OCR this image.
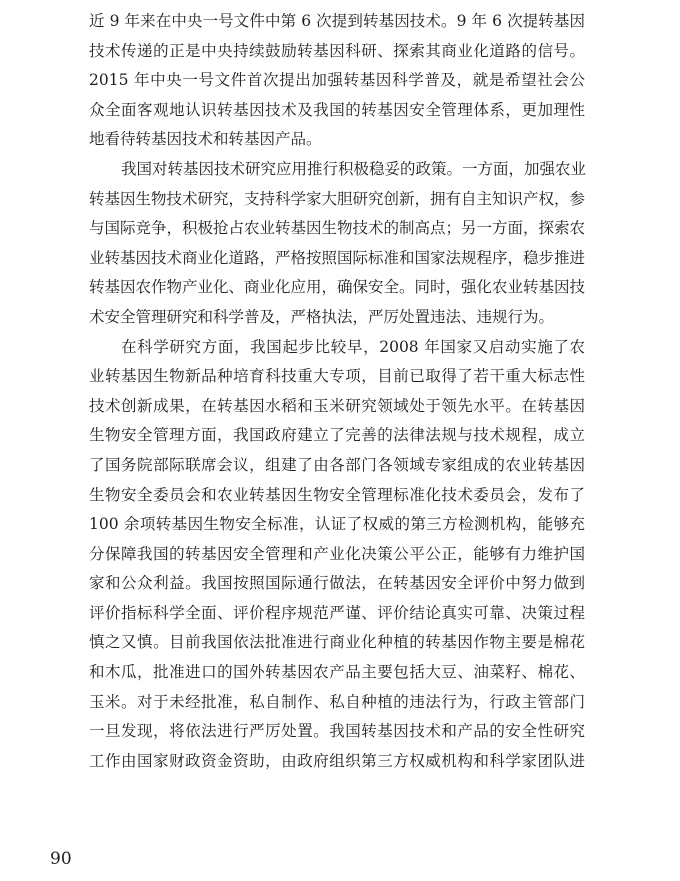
近 9 年来在中央一号文件中第 6 次提到转基因技术。9 年 6 次提转基因
技术传递的正是中央持续鼓励转基因科研、探索其商业化道路的信号。
2015 年中央一号文件首次提出加强转基因科学普及，就是希望社会公
众全面客观地认识转基因技术及我国的转基因安全管理体系，更加理性
地看待转基因技术和转基因产品。
我国对转基因技术研究应用推行积极稳妥的政策。一方面，加强农业
转基因生物技术研究，支持科学家大胆研究创新，拥有自主知识产权，参
与国际竞争，积极抢占农业转基因生物技术的制高点；另一方面，探索农
业转基因技术商业化道路，严格按照国际标准和国家法规程序，稳步推进
转基因农作物产业化、商业化应用，确保安全。同时，强化农业转基因技
术安全管理研究和科学普及，严格执法，严厉处置违法、违规行为。
在科学研究方面，我国起步比较早，2008 年国家又启动实施了农
业转基因生物新品种培育科技重大专项，目前已取得了若干重大标志性
技术创新成果，在转基因水稻和玉米研究领域处于领先水平。在转基因
生物安全管理方面，我国政府建立了完善的法律法规与技术规程，成立
了国务院部际联席会议，组建了由各部门各领域专家组成的农业转基因
生物安全委员会和农业转基因生物安全管理标准化技术委员会，发布了
100 余项转基因生物安全标准，认证了权威的第三方检测机构，能够充
分保障我国的转基因安全管理和产业化决策公平公正，能够有力维护国
家和公众利益。我国按照国际通行做法，在转基因安全评价中努力做到
评价指标科学全面、评价程序规范严谨、评价结论真实可靠、决策过程
慎之又慎。目前我国依法批准进行商业化种植的转基因作物主要是棉花
和木瓜，批准进口的国外转基因农产品主要包括大豆、油菜籽、棉花、
玉米。对于未经批准，私自制作、私自种植的违法行为，行政主管部门
一旦发现，将依法进行严厉处置。我国转基因技术和产品的安全性研究
工作由国家财政资金资助，由政府组织第三方权威机构和科学家团队进
90
